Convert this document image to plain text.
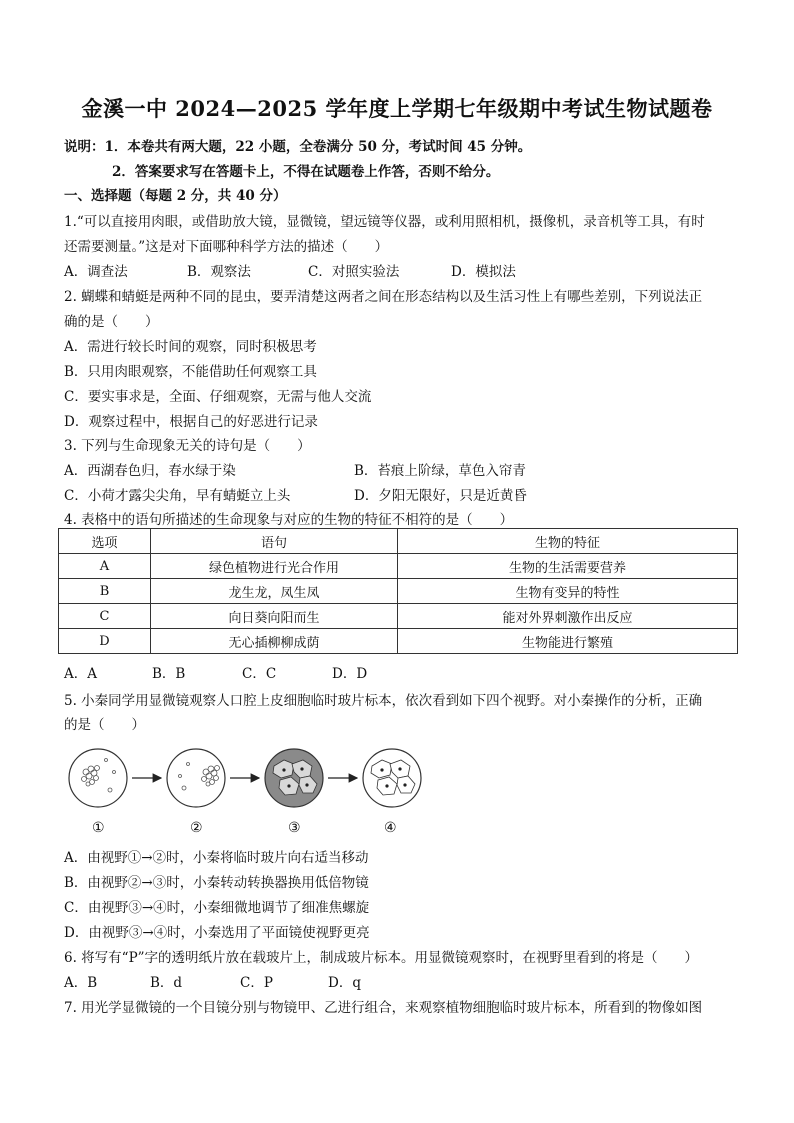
金溪一中 2024—2025 学年度上学期七年级期中考试生物试题卷
说明：1．本卷共有两大题，22 小题，全卷满分 50 分，考试时间 45 分钟。
2．答案要求写在答题卡上，不得在试题卷上作答，否则不给分。
一、选择题（每题 2 分，共 40 分）
1.“可以直接用肉眼，或借助放大镜，显微镜，望远镜等仪器，或利用照相机，摄像机，录音机等工具，有时
还需要测量。”这是对下面哪种科学方法的描述（　　）
A．调查法	B．观察法	C．对照实验法	D．模拟法
2. 蝴蝶和蜻蜓是两种不同的昆虫，要弄清楚这两者之间在形态结构以及生活习性上有哪些差别，下列说法正
确的是（　　）
A．需进行较长时间的观察，同时积极思考
B．只用肉眼观察，不能借助任何观察工具
C．要实事求是，全面、仔细观察，无需与他人交流
D．观察过程中，根据自己的好恶进行记录
3. 下列与生命现象无关的诗句是（　　）
A．西湖春色归，春水绿于染	B．苔痕上阶绿，草色入帘青
C．小荷才露尖尖角，早有蜻蜓立上头	D．夕阳无限好，只是近黄昏
4. 表格中的语句所描述的生命现象与对应的生物的特征不相符的是（　　）
选项	语句	生物的特征
A	绿色植物进行光合作用	生物的生活需要营养
B	龙生龙，凤生凤	生物有变异的特性
C	向日葵向阳而生	能对外界刺激作出反应
D	无心插柳柳成荫	生物能进行繁殖
A．A	B．B	C．C	D．D
5. 小秦同学用显微镜观察人口腔上皮细胞临时玻片标本，依次看到如下四个视野。对小秦操作的分析，正确
的是（　　）
①	②	③	④
A．由视野①→②时，小秦将临时玻片向右适当移动
B．由视野②→③时，小秦转动转换器换用低倍物镜
C．由视野③→④时，小秦细微地调节了细准焦螺旋
D．由视野③→④时，小秦选用了平面镜使视野更亮
6. 将写有“P”字的透明纸片放在载玻片上，制成玻片标本。用显微镜观察时，在视野里看到的将是（　　）
A．B	B．d	C．P	D．q
7. 用光学显微镜的一个目镜分别与物镜甲、乙进行组合，来观察植物细胞临时玻片标本，所看到的物像如图
